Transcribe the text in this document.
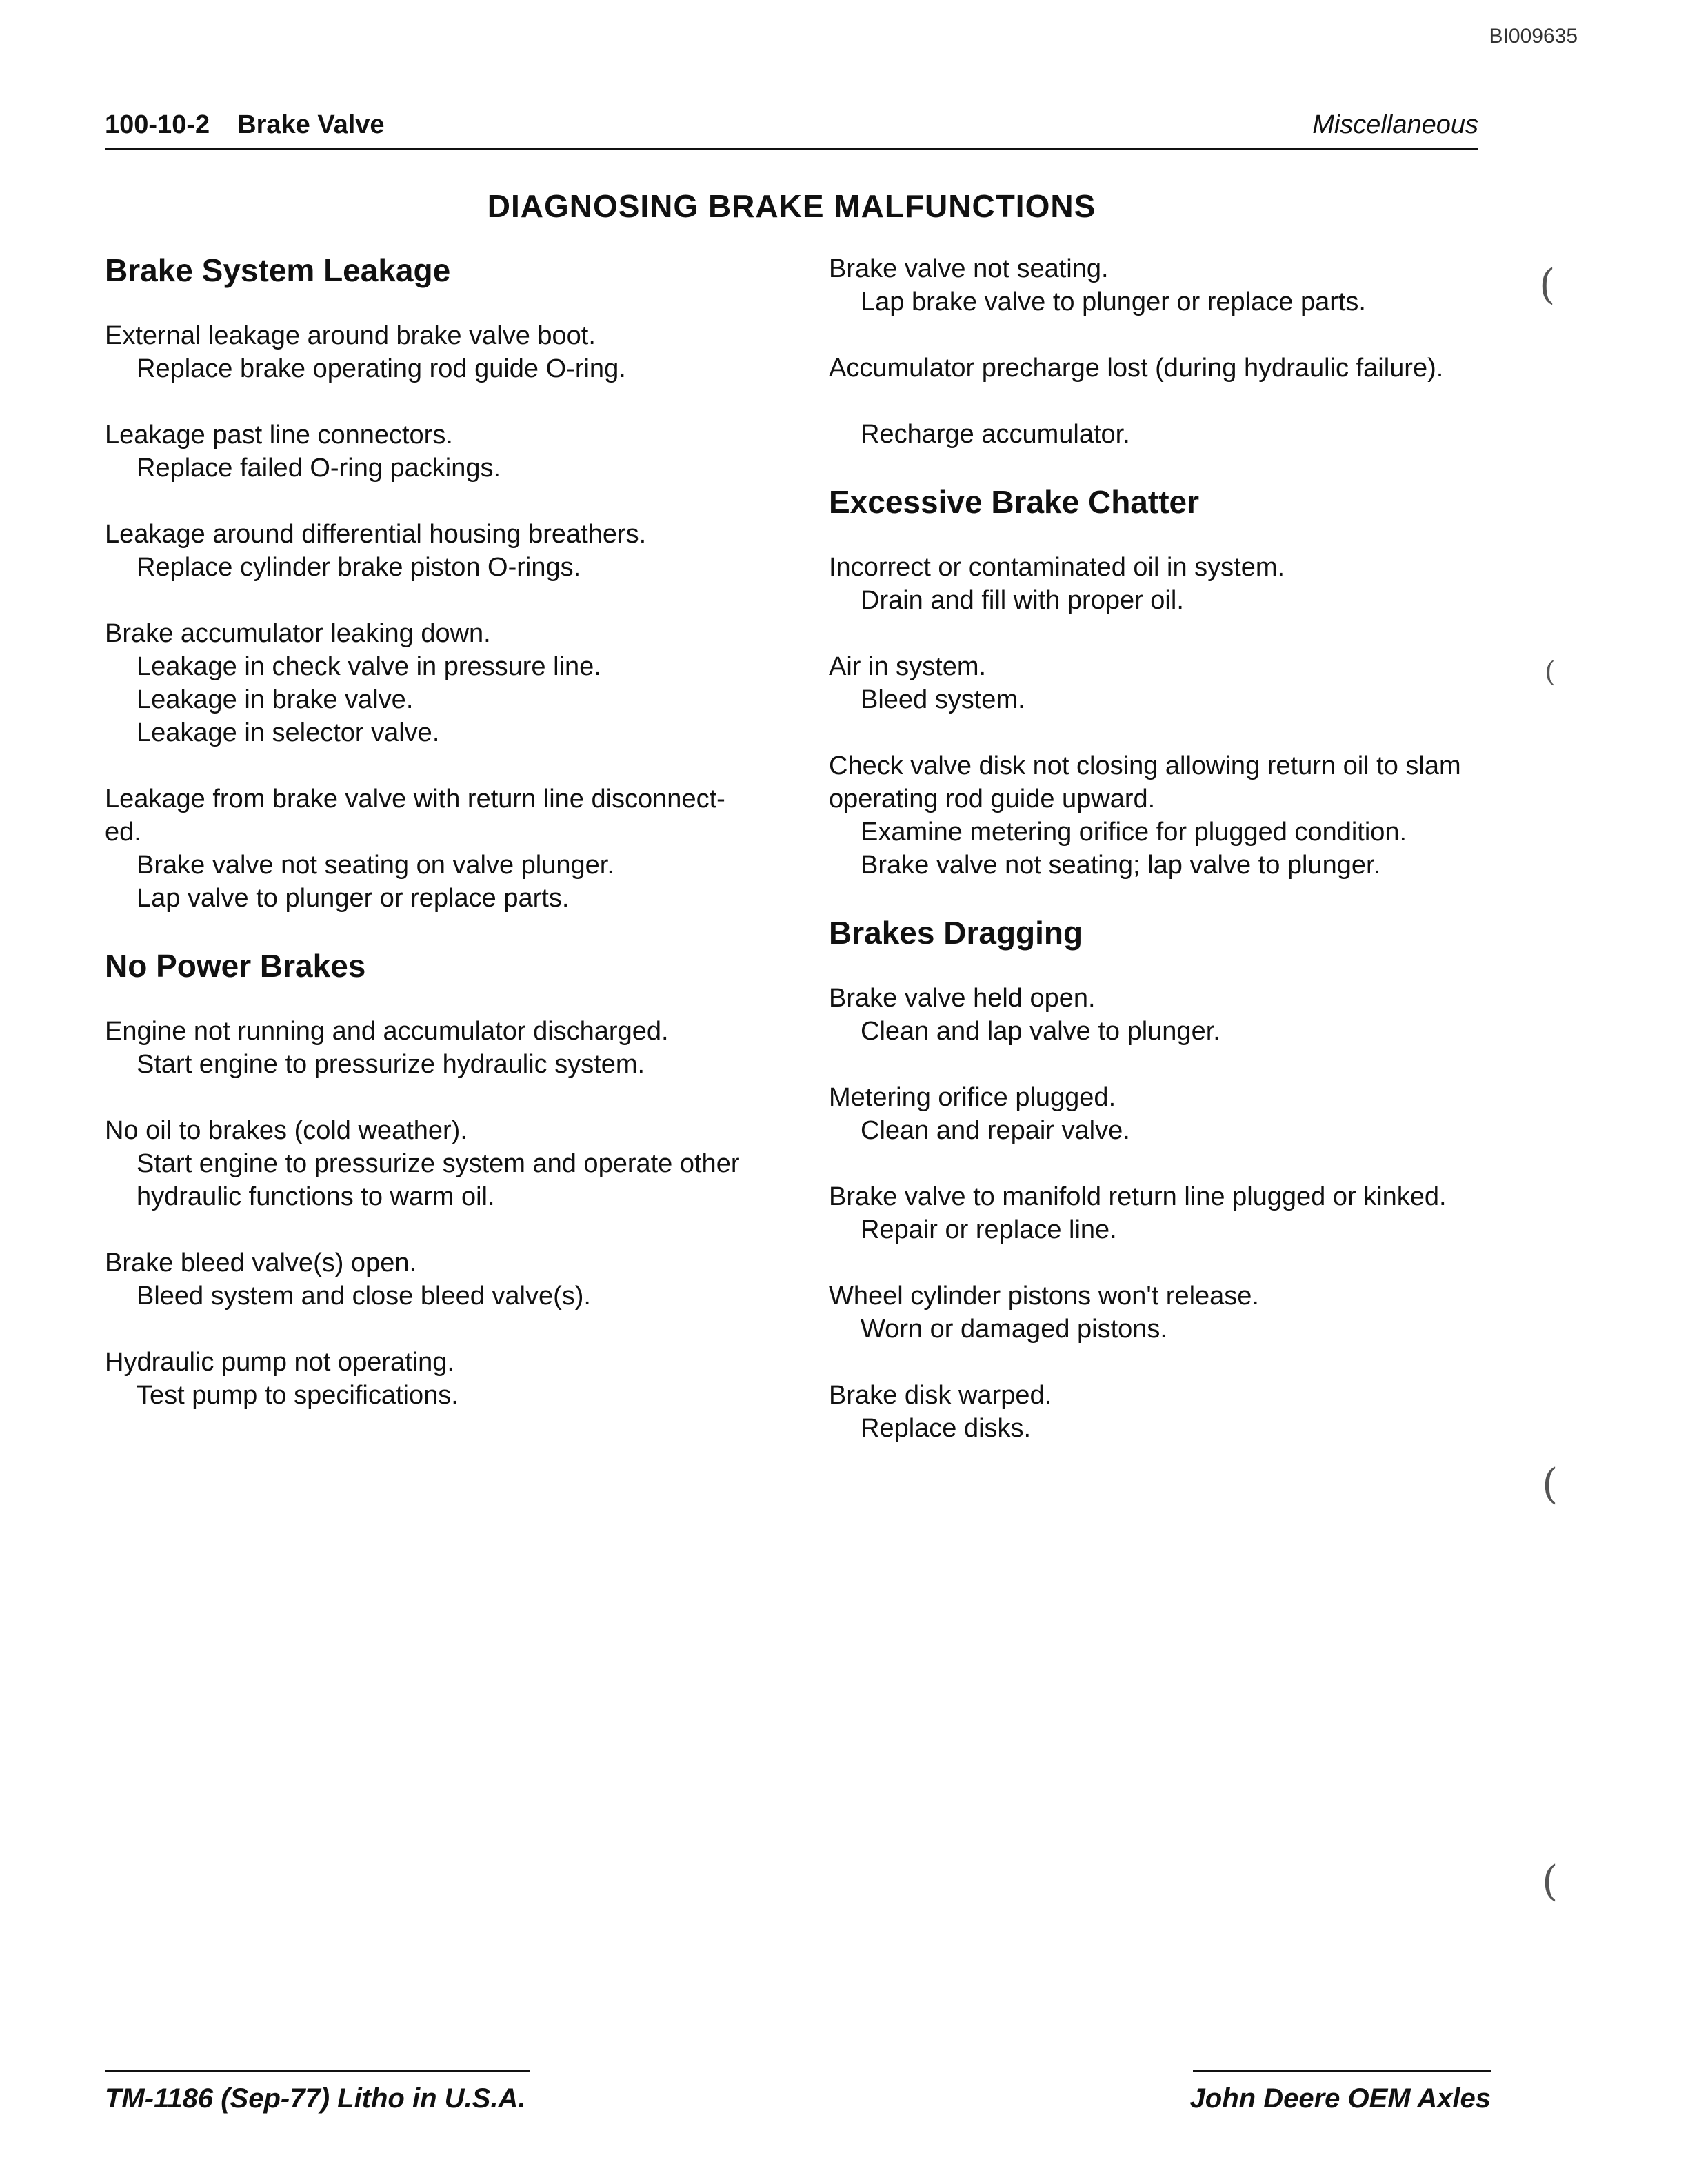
BI009635
100-10-2 Brake Valve	Miscellaneous
DIAGNOSING BRAKE MALFUNCTIONS
Brake System Leakage
External leakage around brake valve boot.
Replace brake operating rod guide O-ring.
Leakage past line connectors.
Replace failed O-ring packings.
Leakage around differential housing breathers.
Replace cylinder brake piston O-rings.
Brake accumulator leaking down.
Leakage in check valve in pressure line.
Leakage in brake valve.
Leakage in selector valve.
Leakage from brake valve with return line disconnect-
ed.
Brake valve not seating on valve plunger.
Lap valve to plunger or replace parts.
No Power Brakes
Engine not running and accumulator discharged.
Start engine to pressurize hydraulic system.
No oil to brakes (cold weather).
Start engine to pressurize system and operate other
hydraulic functions to warm oil.
Brake bleed valve(s) open.
Bleed system and close bleed valve(s).
Hydraulic pump not operating.
Test pump to specifications.
Brake valve not seating.
Lap brake valve to plunger or replace parts.
Accumulator precharge lost (during hydraulic failure).
Recharge accumulator.
Excessive Brake Chatter
Incorrect or contaminated oil in system.
Drain and fill with proper oil.
Air in system.
Bleed system.
Check valve disk not closing allowing return oil to slam
operating rod guide upward.
Examine metering orifice for plugged condition.
Brake valve not seating; lap valve to plunger.
Brakes Dragging
Brake valve held open.
Clean and lap valve to plunger.
Metering orifice plugged.
Clean and repair valve.
Brake valve to manifold return line plugged or kinked.
Repair or replace line.
Wheel cylinder pistons won't release.
Worn or damaged pistons.
Brake disk warped.
Replace disks.
(
(
(
(
TM-1186 (Sep-77) Litho in U.S.A.	John Deere OEM Axles
